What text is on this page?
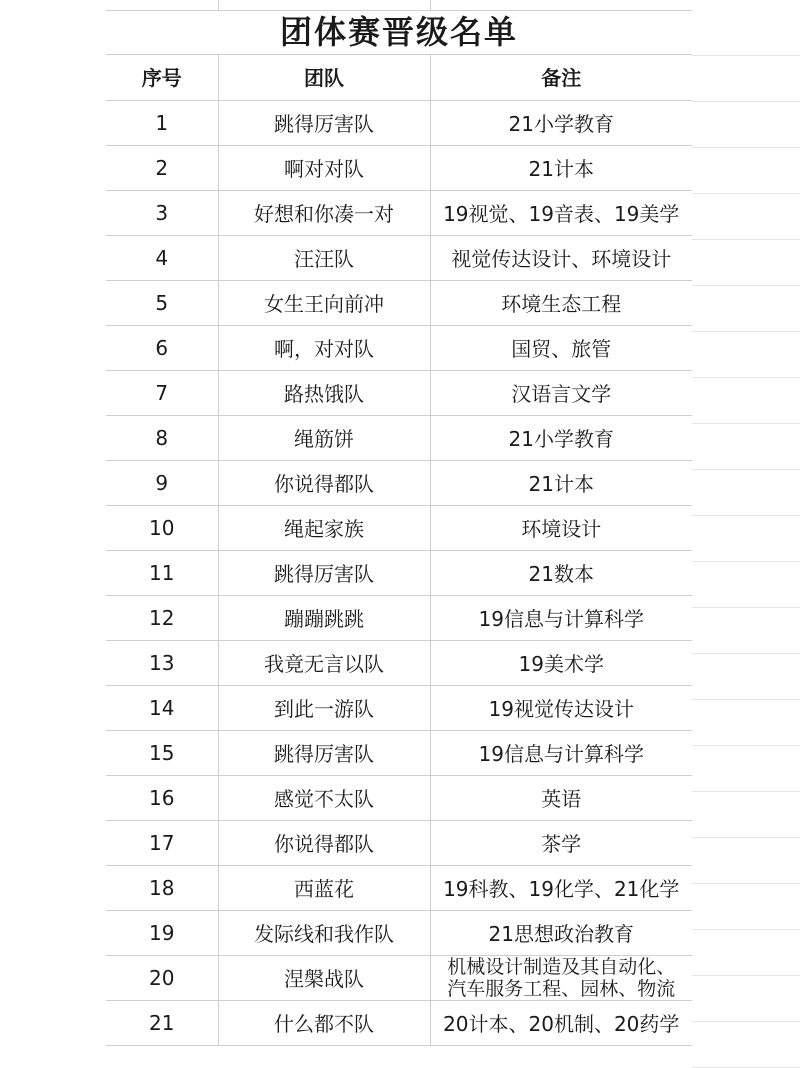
团体赛晋级名单
序号	团队	备注
1	跳得厉害队	21小学教育
2	啊对对队	21计本
3	好想和你凑一对	19视觉、19音表、19美学
4	汪汪队	视觉传达设计、环境设计
5	女生王向前冲	环境生态工程
6	啊，对对队	国贸、旅管
7	路热饿队	汉语言文学
8	绳筋饼	21小学教育
9	你说得都队	21计本
10	绳起家族	环境设计
11	跳得厉害队	21数本
12	蹦蹦跳跳	19信息与计算科学
13	我竟无言以队	19美术学
14	到此一游队	19视觉传达设计
15	跳得厉害队	19信息与计算科学
16	感觉不太队	英语
17	你说得都队	茶学
18	西蓝花	19科教、19化学、21化学
19	发际线和我作队	21思想政治教育
20	涅槃战队	机械设计制造及其自动化、
汽车服务工程、园林、物流

21	什么都不队	20计本、20机制、20药学
